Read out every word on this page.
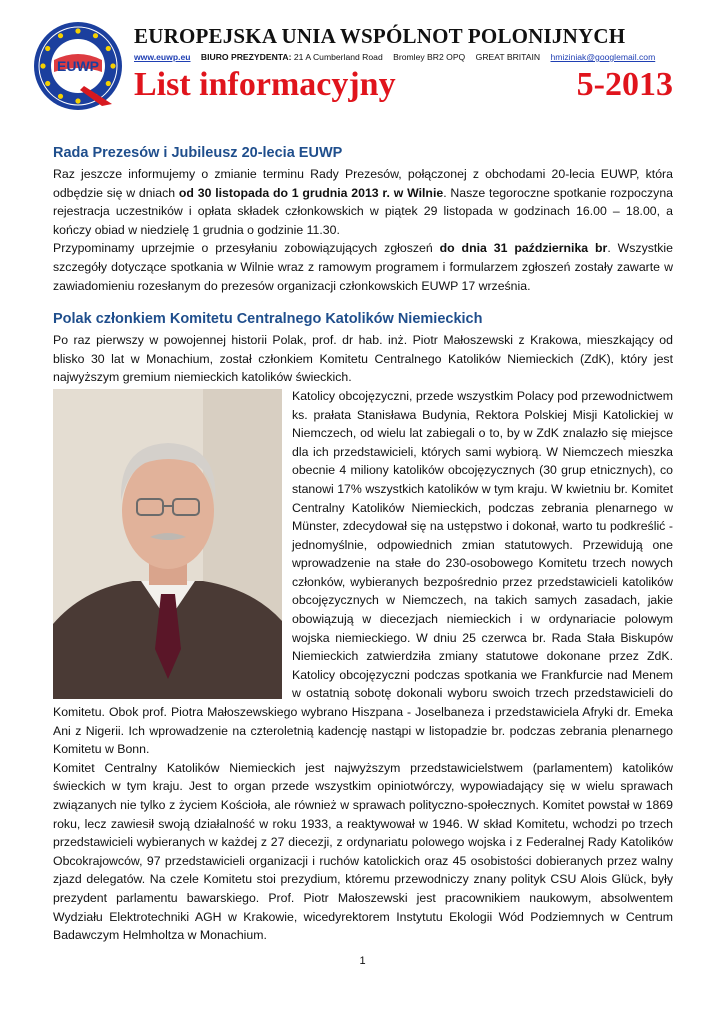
EUWP
EUROPEJSKA UNIA WSPÓLNOT POLONIJNYCH
www.euwp.eu BIURO PREZYDENTA: 21 A Cumberland Road Bromley BR2 OPQ GREAT BRITAIN hmiziniak@googlemail.com
List informacyjny	5-2013
Rada Prezesów i Jubileusz 20-lecia EUWP

Raz jeszcze informujemy o zmianie terminu Rady Prezesów, połączonej z obchodami 20-lecia EUWP, która odbędzie się w dniach od 30 listopada do 1 grudnia 2013 r. w Wilnie. Nasze tegoroczne spotkanie rozpoczyna rejestracja uczestników i opłata składek członkowskich w piątek 29 listopada w godzinach 16.00 – 18.00, a kończy obiad w niedzielę 1 grudnia o godzinie 11.30.

Przypominamy uprzejmie o przesyłaniu zobowiązujących zgłoszeń do dnia 31 października br. Wszystkie szczegóły dotyczące spotkania w Wilnie wraz z ramowym programem i formularzem zgłoszeń zostały zawarte w zawiadomieniu rozesłanym do prezesów organizacji członkowskich EUWP 17 września.

Polak członkiem Komitetu Centralnego Katolików Niemieckich

Po raz pierwszy w powojennej historii Polak, prof. dr hab. inż. Piotr Małoszewski z Krakowa, mieszkający od blisko 30 lat w Monachium, został członkiem Komitetu Centralnego Katolików Niemieckich (ZdK), który jest najwyższym gremium niemieckich katolików świeckich.

Katolicy obcojęzyczni, przede wszystkim Polacy pod przewodnictwem ks. prałata Stanisława Budynia, Rektora Polskiej Misji Katolickiej w Niemczech, od wielu lat zabiegali o to, by w ZdK znalazło się miejsce dla ich przedstawicieli, których sami wybiorą. W Niemczech mieszka obecnie 4 miliony katolików obcojęzycznych (30 grup etnicznych), co stanowi 17% wszystkich katolików w tym kraju. W kwietniu br. Komitet Centralny Katolików Niemieckich, podczas zebrania plenarnego w Münster, zdecydował się na ustępstwo i dokonał, warto tu podkreślić - jednomyślnie, odpowiednich zmian statutowych. Przewidują one wprowadzenie na stałe do 230-osobowego Komitetu trzech nowych członków, wybieranych bezpośrednio przez przedstawicieli katolików obcojęzycznych w Niemczech, na takich samych zasadach, jakie obowiązują w diecezjach niemieckich i w ordynariacie polowym wojska niemieckiego. W dniu 25 czerwca br. Rada Stała Biskupów Niemieckich zatwierdziła zmiany statutowe dokonane przez ZdK. Katolicy obcojęzyczni podczas spotkania we Frankfurcie nad Menem w ostatnią sobotę dokonali wyboru swoich trzech przedstawicieli do Komitetu. Obok prof. Piotra Małoszewskiego wybrano Hiszpana - Joselbaneza i przedstawiciela Afryki dr. Emeka Ani z Nigerii. Ich wprowadzenie na czteroletnią kadencję nastąpi w listopadzie br. podczas zebrania plenarnego Komitetu w Bonn.

Komitet Centralny Katolików Niemieckich jest najwyższym przedstawicielstwem (parlamentem) katolików świeckich w tym kraju. Jest to organ przede wszystkim opiniotwórczy, wypowiadający się w wielu sprawach związanych nie tylko z życiem Kościoła, ale również w sprawach polityczno-społecznych. Komitet powstał w 1869 roku, lecz zawiesił swoją działalność w roku 1933, a reaktywował w 1946. W skład Komitetu, wchodzi po trzech przedstawicieli wybieranych w każdej z 27 diecezji, z ordynariatu polowego wojska i z Federalnej Rady Katolików Obcokrajowców, 97 przedstawicieli organizacji i ruchów katolickich oraz 45 osobistości dobieranych przez walny zjazd delegatów. Na czele Komitetu stoi prezydium, któremu przewodniczy znany polityk CSU Alois Glück, były prezydent parlamentu bawarskiego. Prof. Piotr Małoszewski jest pracownikiem naukowym, absolwentem Wydziału Elektrotechniki AGH w Krakowie, wicedyrektorem Instytutu Ekologii Wód Podziemnych w Centrum Badawczym Helmholtza w Monachium.

1
